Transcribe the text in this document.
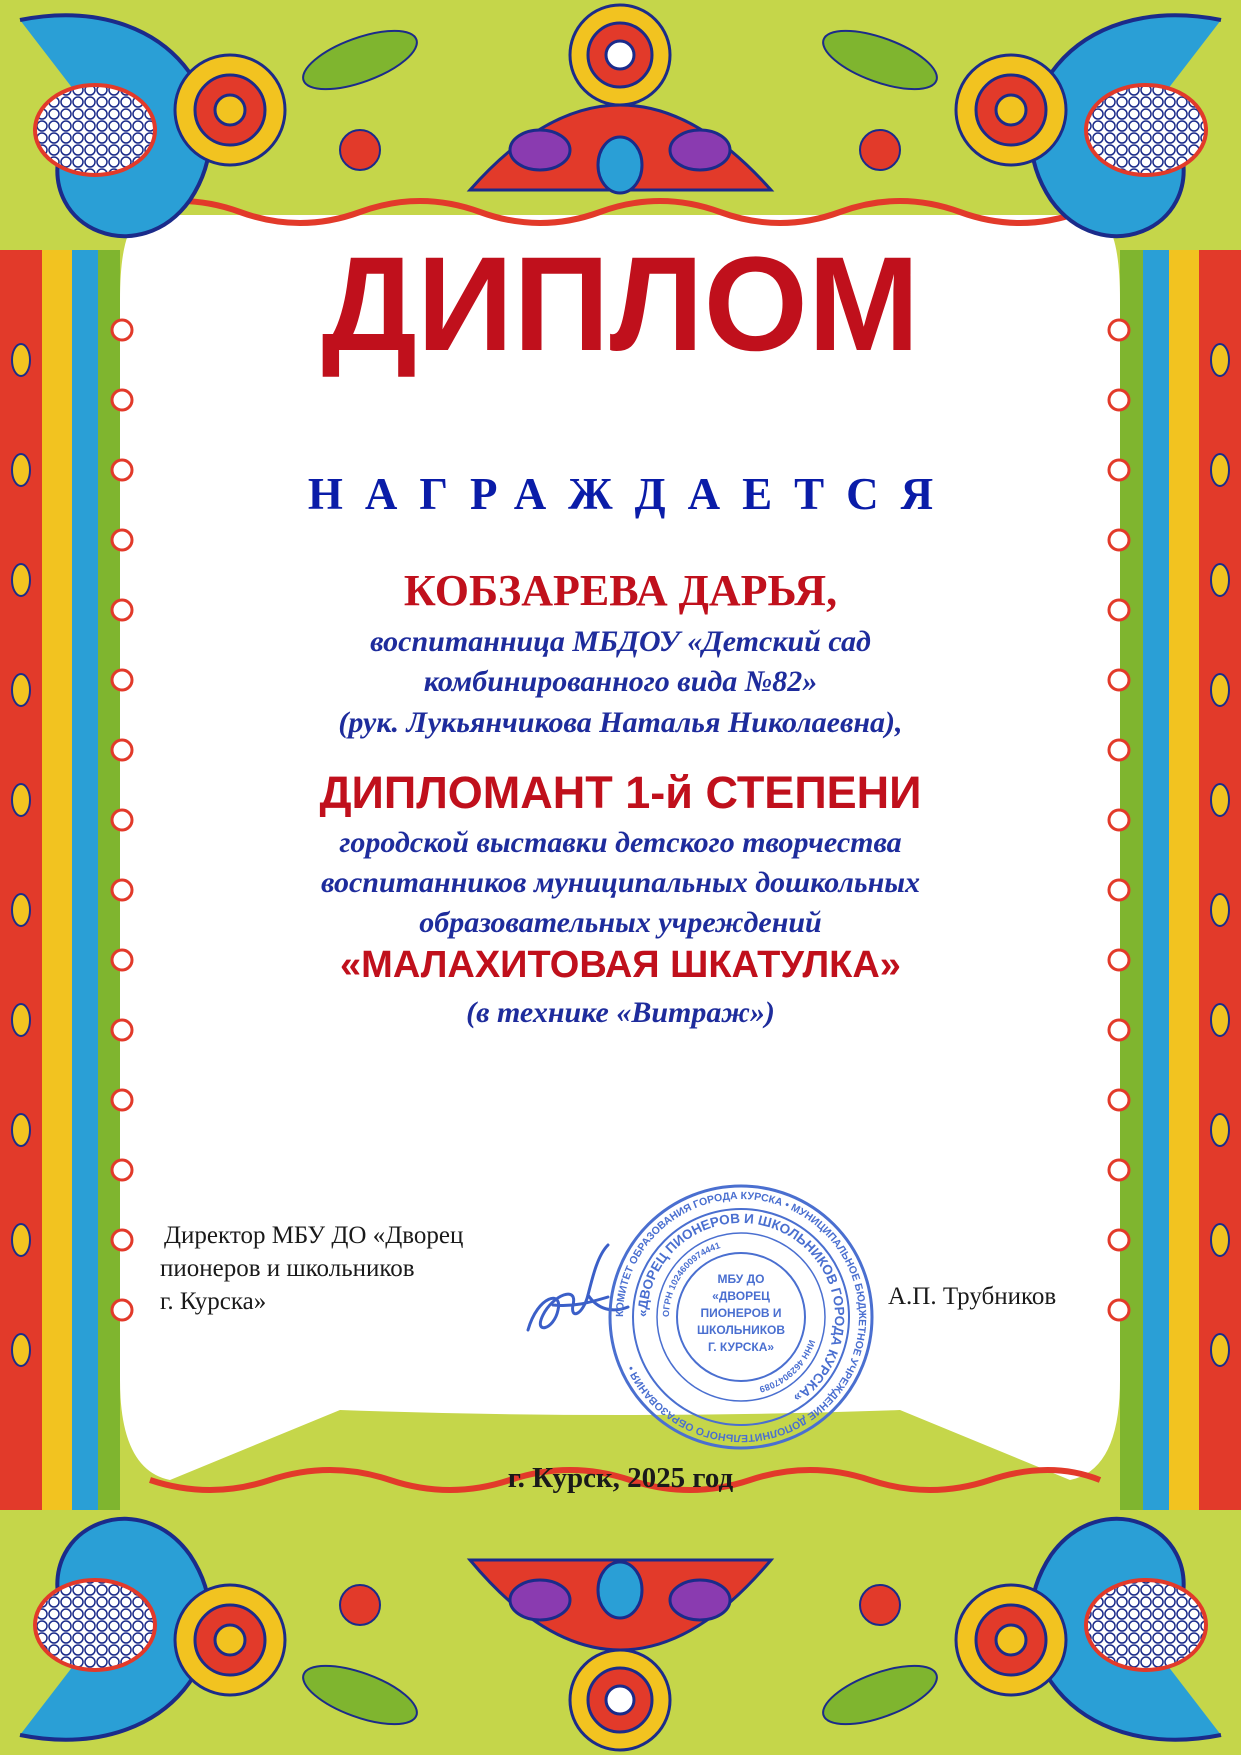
ДИПЛОМ
НАГРАЖДАЕТСЯ
КОБЗАРЕВА ДАРЬЯ,
воспитанница МБДОУ «Детский сад
комбинированного вида №82»
(рук. Лукьянчикова Наталья Николаевна),
ДИПЛОМАНТ 1-й СТЕПЕНИ
городской выставки детского творчества
воспитанников муниципальных дошкольных
образовательных учреждений
«МАЛАХИТОВАЯ ШКАТУЛКА»
(в технике «Витраж»)
Директор МБУ ДО «Дворец
пионеров и школьников
г. Курска»	КОМИТЕТ ОБРАЗОВАНИЯ ГОРОДА КУРСКА • МУНИЦИПАЛЬНОЕ БЮДЖЕТНОЕ УЧРЕЖДЕНИЕ ДОПОЛНИТЕЛЬНОГО ОБРАЗОВАНИЯ •
«ДВОРЕЦ ПИОНЕРОВ И ШКОЛЬНИКОВ ГОРОДА КУРСКА»
ОГРН 1024600974441
ИНН 4629047089
МБУ ДО
«ДВОРЕЦ
ПИОНЕРОВ И
ШКОЛЬНИКОВ
Г. КУРСКА»
А.П. Трубников
г. Курск, 2025 год
